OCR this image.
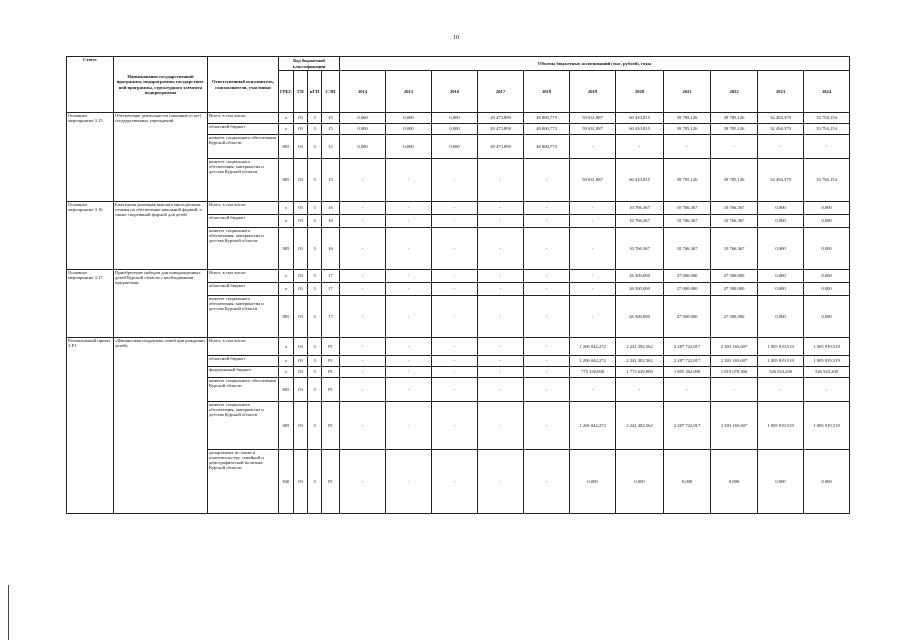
10
Статус	Наименование государственной программы, подпрограммы государствен-ной программы, структурного элемента подпрограммы	Ответственный исполнитель, соисполнители, участники	Код бюджетной классификации				Объемы бюджетных ассигнований (тыс. рублей), годы										
			ГРБС	ГП	пГП	СЭП	2014	2015	2016	2017	2018	2019	2020	2021	2022	2023	2024
Основное мероприятие 3.15	Обеспечение деятельности (оказание услуг) государственных учреждений	Всего, в том числе:	х	03	3	15	0,000	0,000	0,000	29 473,899	40 800,773	59 631,887	60 410,815	39 785,126	39 785,126	32 494,379	33 794,154
		областной бюджет	х	03	3	15	0,000	0,000	0,000	29 473,899	40 800,773	59 631,887	60 410,815	39 785,126	39 785,126	32 494,379	33 794,154
		комитет социального обеспечения Курской области	805	03	3	15	0,000	0,000	0,000	29 473,899	40 800,773	-	-	-	-	-	-
		комитет социального обеспечения, материнства и детства Курской области	805	03	3	15	-	-	-	-	-	59 631,887	60 410,815	39 785,126	39 785,126	32 494,379	33 794,154
Основное мероприятие 3.16	Ежегодная денежная выплата многодетным семьям на обеспечение школьной формой, а также спортивной формой для детей	Всего, в том числе:	х	03	3	16	-	-	-	-	-	-	10 766,367	10 766,367	10 766,367	0,000	0,000
		областной бюджет	х	03	3	16	-	-	-	-	-	-	10 766,367	10 766,367	10 766,367	0,000	0,000
		комитет социального обеспечения, материнства и детства Курской области	805	03	3	16	-	-	-	-	-	-	10 766,367	10 766,367	10 766,367	0,000	0,000
Основное мероприятие 3.17	Приобретение наборов для новорожденных детей Курской области с необходимыми предметами	Всего, в том числе:	х	03	3	17	-	-	-	-	-	-	26 500,000	27 000,000	27 500,000	0,000	0,000
		областной бюджет	х	03	3	17	-	-	-	-	-	-	26 500,000	27 000,000	27 500,000	0,000	0,000
		комитет социального обеспечения, материнства и детства Курской области	805	03	3	17	-	-	-	-	-	-	26 500,000	27 000,000	27 500,000	0,000	0,000
Региональный проект 3.Р1	«Финансовая поддержка семей при рождении детей»	Всего, в том числе:	х	03	3	Р1	-	-	-	-	-	1 206 044,272	2 241 382,562	2 287 722,817	2 303 165,607	1 005 919,519	1 005 919,519
		областной бюджет	х	03	3	Р1	-	-	-	-	-	1 206 044,272	2 241 382,562	2 287 722,817	2 303 165,607	1 005 919,519	1 005 919,519
		федеральный бюджет	х	03	3	Р1	-	-	-	-	-	775 130,600	1 773 629,000	1 805 362,000	1 819 079,300	526 543,200	526 543,200
		комитет социального обеспечения Курской области	805	03	3	Р1	-	-	-	-	-	-	-	-	-	-	-
		комитет социального обеспечения, материнства и детства Курской области	805	03	3	Р1	-	-	-	-	-	1 206 044,272	2 241 382,562	2 287 722,817	2 303 165,607	1 005 919,519	1 005 919,519
		департамент по опеке и попечительству, семейной и демографической политике Курской области	840	03	3	Р1	-	-	-	-	-	0,000	0,000	0,000	0,000	0,000	0,000
